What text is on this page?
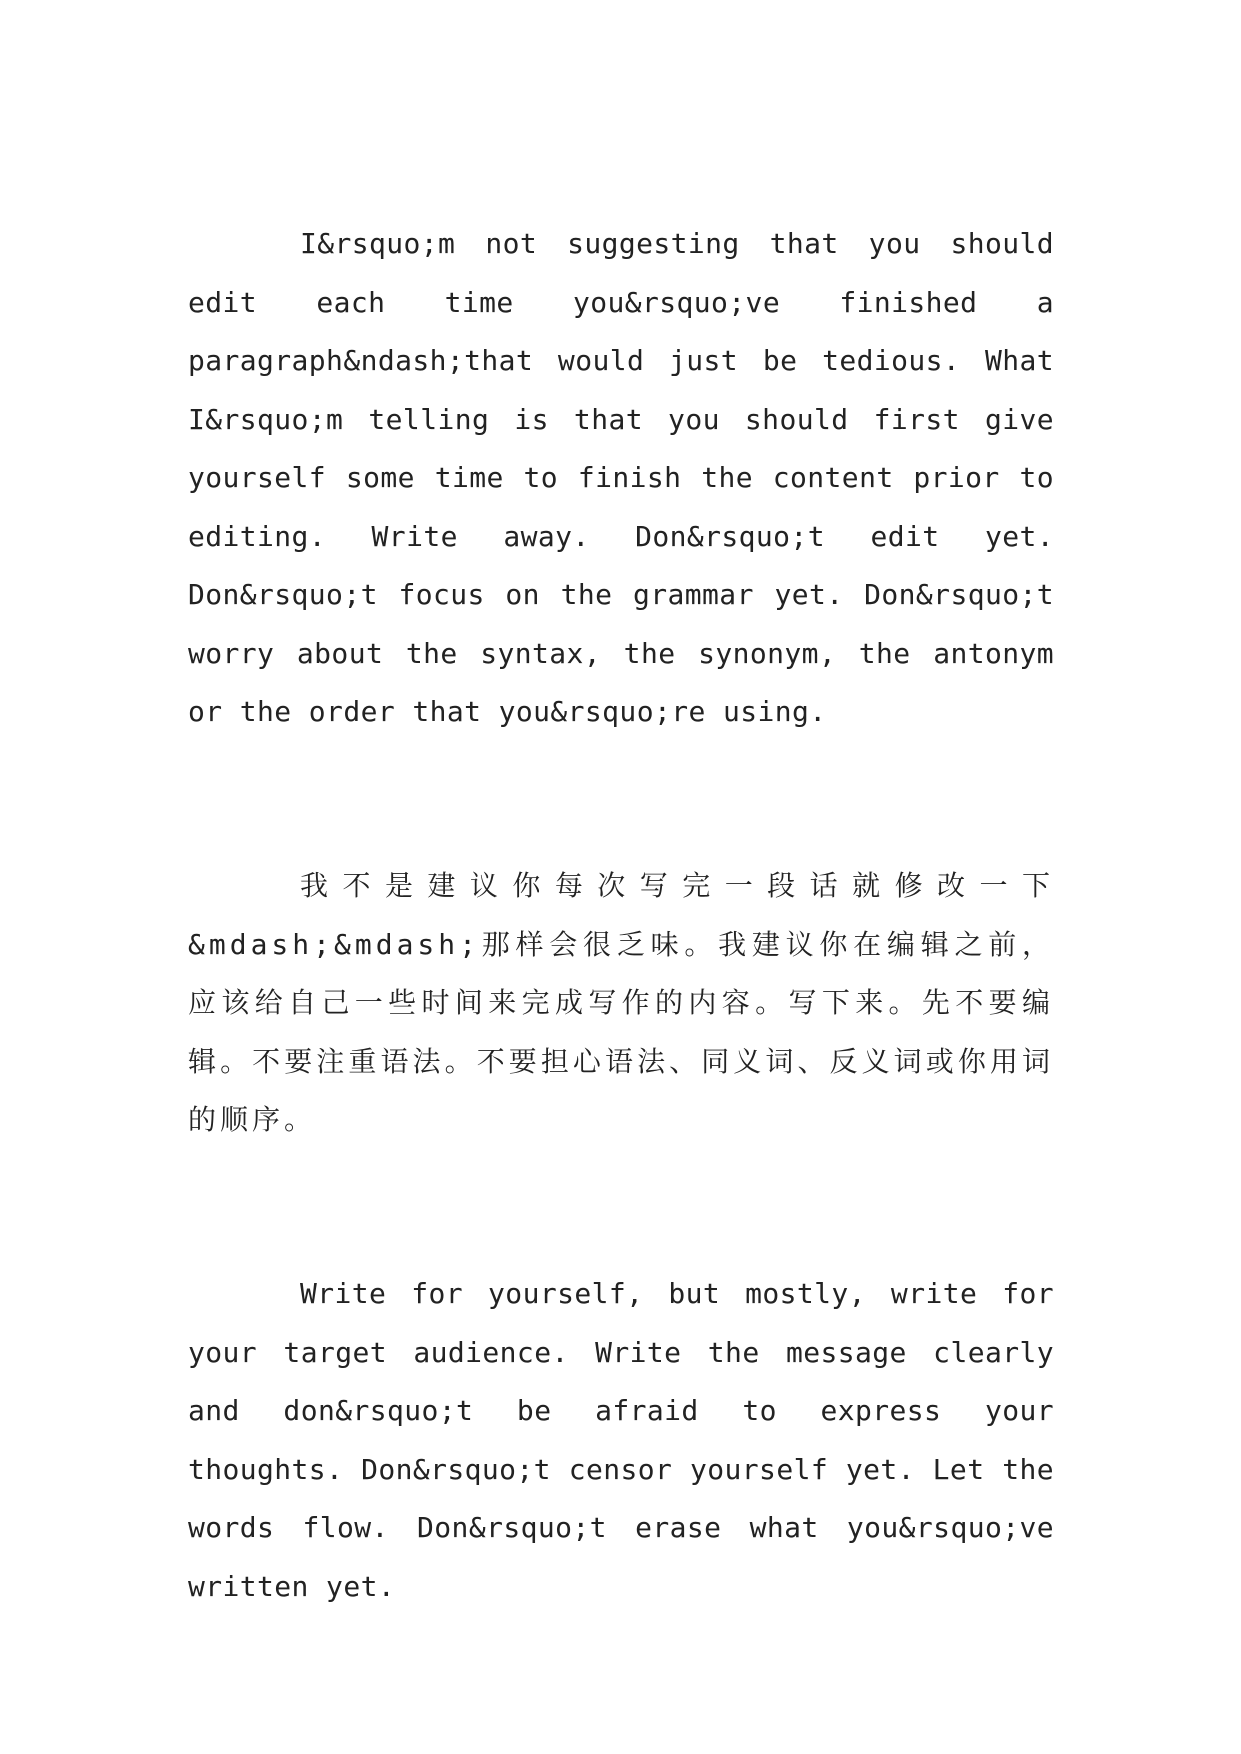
I&rsquo;m not suggesting that you should edit each time you&rsquo;ve finished a paragraph&ndash;that would just be tedious. What I&rsquo;m telling is that you should first give yourself some time to finish the content prior to editing. Write away. Don&rsquo;t edit yet. Don&rsquo;t focus on the grammar yet. Don&rsquo;t worry about the syntax, the synonym, the antonym or the order that you&rsquo;re using.

我不是建议你每次写完一段话就修改一下&mdash;&mdash;那样会很乏味。我建议你在编辑之前，应该给自己一些时间来完成写作的内容。写下来。先不要编辑。不要注重语法。不要担心语法、同义词、反义词或你用词的顺序。

Write for yourself, but mostly, write for your target audience. Write the message clearly and don&rsquo;t be afraid to express your thoughts. Don&rsquo;t censor yourself yet. Let the words flow. Don&rsquo;t erase what you&rsquo;ve written yet.
